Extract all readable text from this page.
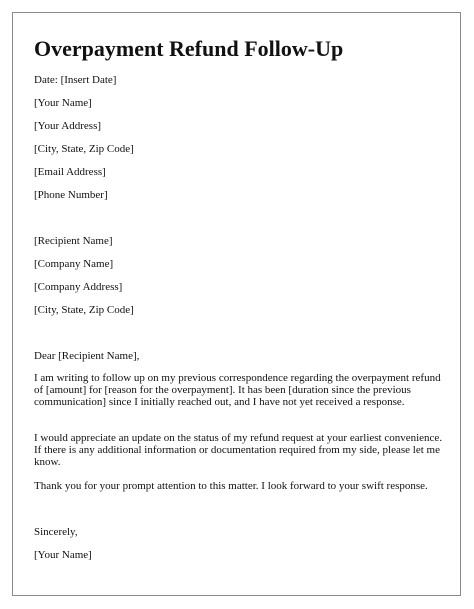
Overpayment Refund Follow-Up
Date: [Insert Date]
[Your Name]
[Your Address]
[City, State, Zip Code]
[Email Address]
[Phone Number]
[Recipient Name]
[Company Name]
[Company Address]
[City, State, Zip Code]
Dear [Recipient Name],

I am writing to follow up on my previous correspondence regarding the overpayment refund of [amount] for [reason for the overpayment]. It has been [duration since the previous communication] since I initially reached out, and I have not yet received a response.

I would appreciate an update on the status of my refund request at your earliest convenience. If there is any additional information or documentation required from my side, please let me know.

Thank you for your prompt attention to this matter. I look forward to your swift response.

Sincerely,
[Your Name]
